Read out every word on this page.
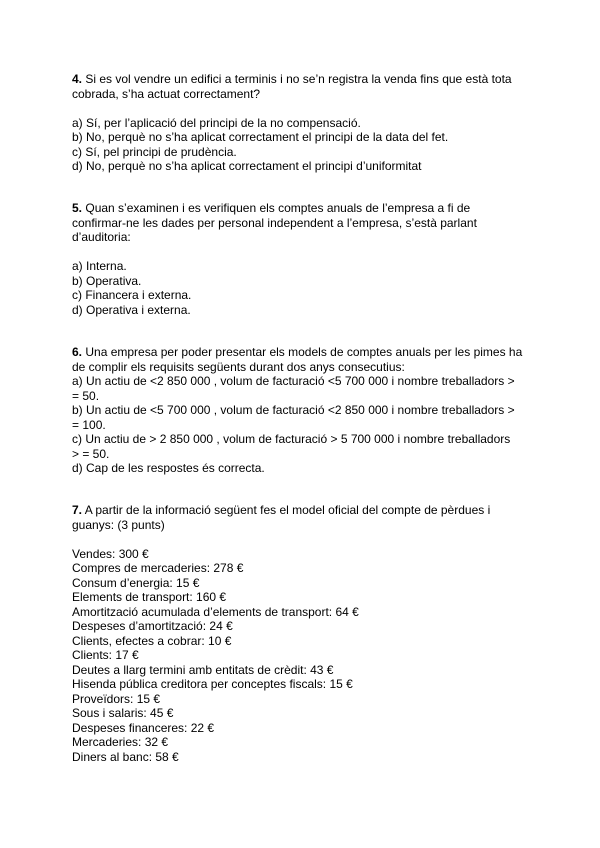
4. Si es vol vendre un edifici a terminis i no se’n registra la venda fins que està tota
cobrada, s’ha actuat correctament?
a) Sí, per l’aplicació del principi de la no compensació.
b) No, perquè no s’ha aplicat correctament el principi de la data del fet.
c) Sí, pel principi de prudència.
d) No, perquè no s’ha aplicat correctament el principi d’uniformitat
5. Quan s’examinen i es verifiquen els comptes anuals de l’empresa a fi de
confirmar-ne les dades per personal independent a l’empresa, s’està parlant
d’auditoria:
a) Interna.
b) Operativa.
c) Financera i externa.
d) Operativa i externa.
6. Una empresa per poder presentar els models de comptes anuals per les pimes ha
de complir els requisits següents durant dos anys consecutius:
a) Un actiu de <2 850 000 , volum de facturació <5 700 000 i nombre treballadors >
= 50.
b) Un actiu de <5 700 000 , volum de facturació <2 850 000 i nombre treballadors >
= 100.
c) Un actiu de > 2 850 000 , volum de facturació > 5 700 000 i nombre treballadors
> = 50.
d) Cap de les respostes és correcta.
7. A partir de la informació següent fes el model oficial del compte de pèrdues i
guanys: (3 punts)
Vendes: 300 €
Compres de mercaderies: 278 €
Consum d’energia: 15 €
Elements de transport: 160 €
Amortització acumulada d’elements de transport: 64 €
Despeses d’amortització: 24 €
Clients, efectes a cobrar: 10 €
Clients: 17 €
Deutes a llarg termini amb entitats de crèdit: 43 €
Hisenda pública creditora per conceptes fiscals: 15 €
Proveïdors: 15 €
Sous i salaris: 45 €
Despeses financeres: 22 €
Mercaderies: 32 €
Diners al banc: 58 €
